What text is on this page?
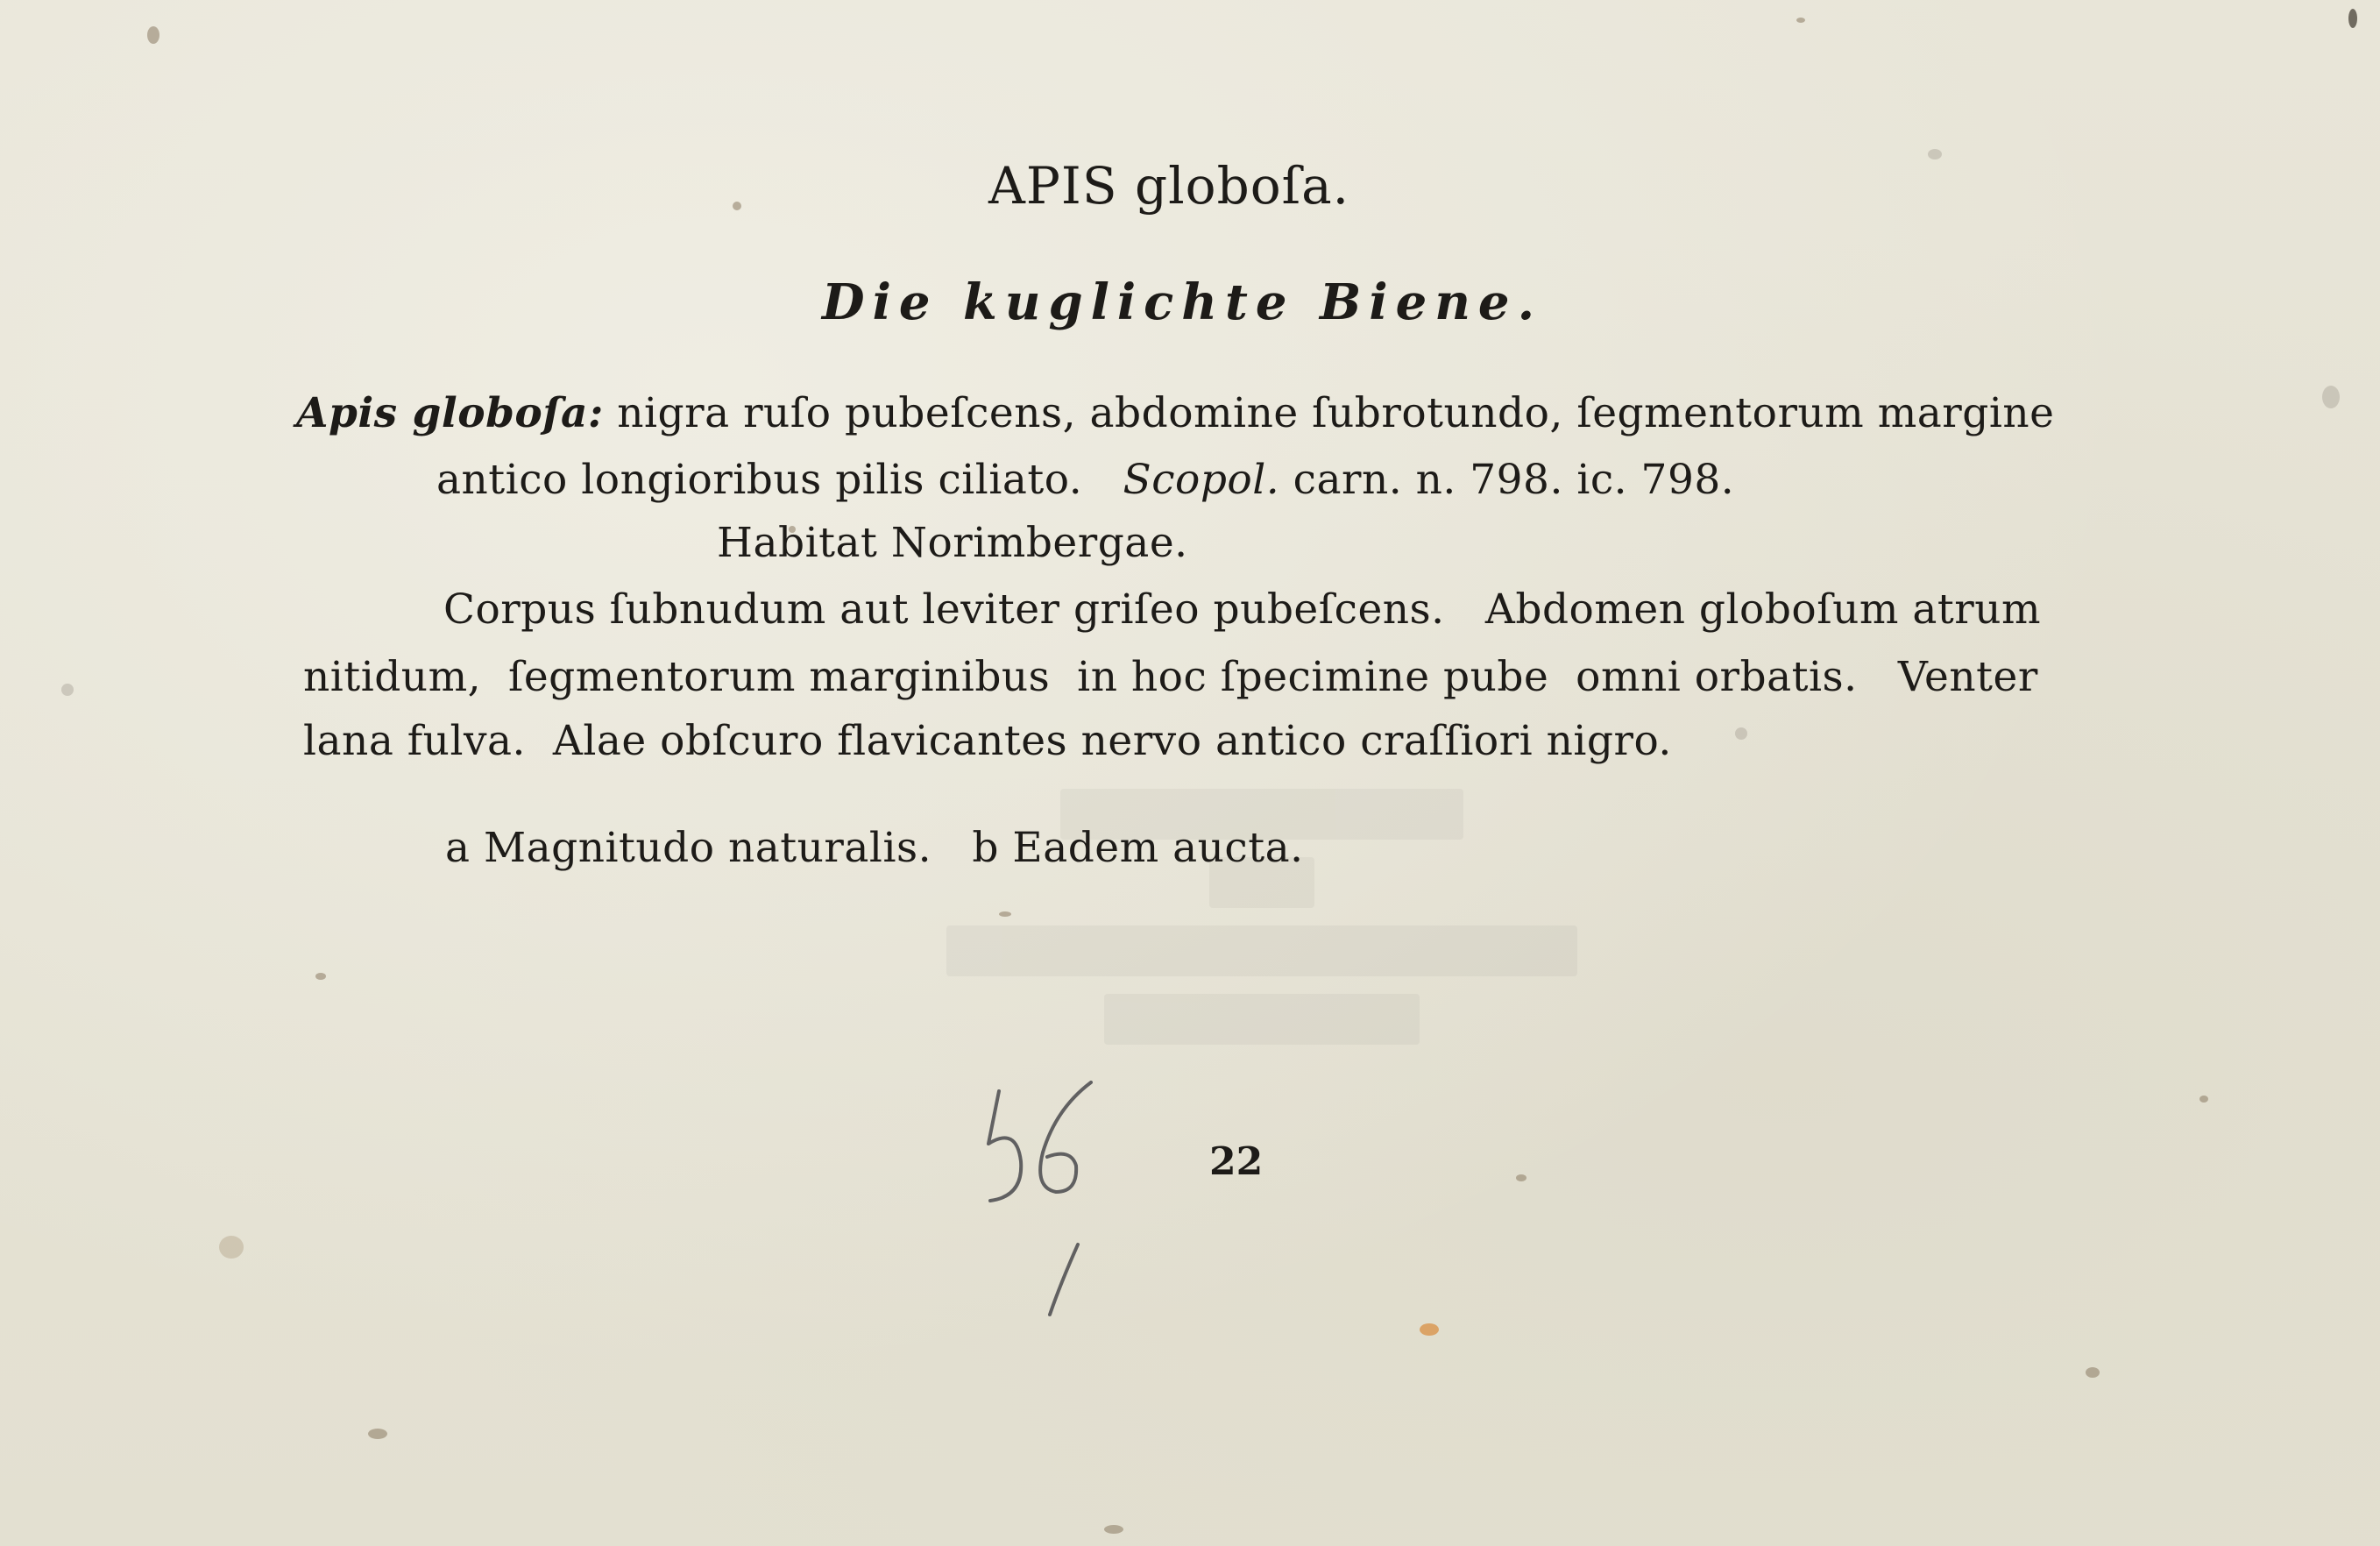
APIS globoſa.
Die kuglichte Biene.
Apis globoſa: nigra ruſo pubeſcens, abdomine ſubrotundo, ſegmentorum margine
antico longioribus pilis ciliato. Scopol. carn. n. 798. ic. 798.
Habitat Norimbergae.
Corpus ſubnudum aut leviter griſeo pubeſcens.   Abdomen globoſum atrum
nitidum,  ſegmentorum marginibus  in hoc ſpecimine pube  omni orbatis.   Venter
lana fulva.  Alae obſcuro flavicantes nervo antico craſſiori nigro.
a Magnitudo naturalis.   b Eadem aucta.
22
